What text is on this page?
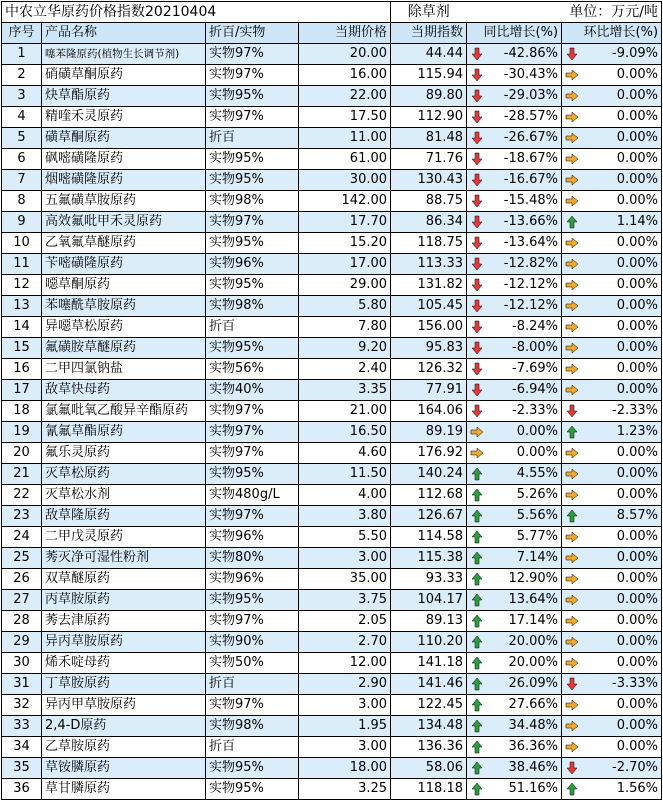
中农立华原药价格指数20210404				除草剂	单位：万元/吨	
序号	产品名称	折百/实物	当期价格	当期指数	同比增长(%)	环比增长(%)
1	噻苯隆原药(植物生长调节剂)	实物97%	20.00	44.44	-42.86%	-9.09%
2	硝磺草酮原药	实物97%	16.00	115.94	-30.43%	0.00%
3	炔草酯原药	实物95%	22.00	89.80	-29.03%	0.00%
4	精喹禾灵原药	实物97%	17.50	112.90	-28.57%	0.00%
5	磺草酮原药	折百	11.00	81.48	-26.67%	0.00%
6	砜嘧磺隆原药	实物95%	61.00	71.76	-18.67%	0.00%
7	烟嘧磺隆原药	实物95%	30.00	130.43	-16.67%	0.00%
8	五氟磺草胺原药	实物98%	142.00	88.75	-15.48%	0.00%
9	高效氟吡甲禾灵原药	实物97%	17.70	86.34	-13.66%	1.14%
10	乙氧氟草醚原药	实物95%	15.20	118.75	-13.64%	0.00%
11	苄嘧磺隆原药	实物96%	17.00	113.33	-12.82%	0.00%
12	噁草酮原药	实物95%	29.00	131.82	-12.12%	0.00%
13	苯噻酰草胺原药	实物98%	5.80	105.45	-12.12%	0.00%
14	异噁草松原药	折百	7.80	156.00	-8.24%	0.00%
15	氟磺胺草醚原药	实物95%	9.20	95.83	-8.00%	0.00%
16	二甲四氯钠盐	实物56%	2.40	126.32	-7.69%	0.00%
17	敌草快母药	实物40%	3.35	77.91	-6.94%	0.00%
18	氯氟吡氧乙酸异辛酯原药	实物97%	21.00	164.06	-2.33%	-2.33%
19	氰氟草酯原药	实物97%	16.50	89.19	0.00%	1.23%
20	氟乐灵原药	实物97%	4.60	176.92	0.00%	0.00%
21	灭草松原药	实物95%	11.50	140.24	4.55%	0.00%
22	灭草松水剂	实物480g/L	4.00	112.68	5.26%	0.00%
23	敌草隆原药	实物97%	3.80	126.67	5.56%	8.57%
24	二甲戊灵原药	实物96%	5.50	114.58	5.77%	0.00%
25	莠灭净可湿性粉剂	实物80%	3.00	115.38	7.14%	0.00%
26	双草醚原药	实物96%	35.00	93.33	12.90%	0.00%
27	丙草胺原药	实物95%	3.75	104.17	13.64%	0.00%
28	莠去津原药	实物97%	2.05	89.13	17.14%	0.00%
29	异丙草胺原药	实物90%	2.70	110.20	20.00%	0.00%
30	烯禾啶母药	实物50%	12.00	141.18	20.00%	0.00%
31	丁草胺原药	折百	2.90	141.46	26.09%	-3.33%
32	异丙甲草胺原药	实物97%	3.00	122.45	27.66%	0.00%
33	2,4-D原药	实物98%	1.95	134.48	34.48%	0.00%
34	乙草胺原药	折百	3.00	136.36	36.36%	0.00%
35	草铵膦原药	实物95%	18.00	58.06	38.46%	-2.70%
36	草甘膦原药	实物95%	3.25	118.18	51.16%	1.56%
